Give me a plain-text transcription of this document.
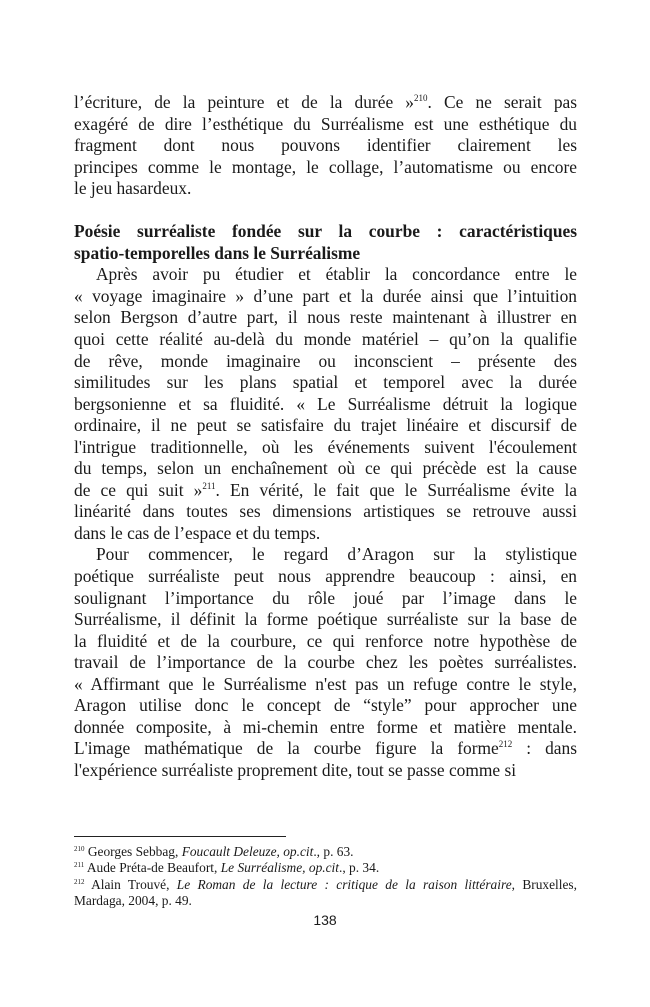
l’écriture, de la peinture et de la durée »$^{210}$. Ce ne serait pas
exagéré de dire l’esthétique du Surréalisme est une esthétique du
fragment dont nous pouvons identifier clairement les
principes comme le montage, le collage, l’automatisme ou encore
le jeu hasardeux.
Poésie surréaliste fondée sur la courbe : caractéristiques
spatio-temporelles dans le Surréalisme
Après avoir pu étudier et établir la concordance entre le
« voyage imaginaire » d’une part et la durée ainsi que l’intuition
selon Bergson d’autre part, il nous reste maintenant à illustrer en
quoi cette réalité au-delà du monde matériel – qu’on la qualifie
de rêve, monde imaginaire ou inconscient – présente des
similitudes sur les plans spatial et temporel avec la durée
bergsonienne et sa fluidité. « Le Surréalisme détruit la logique
ordinaire, il ne peut se satisfaire du trajet linéaire et discursif de
l'intrigue traditionnelle, où les événements suivent l'écoulement
du temps, selon un enchaînement où ce qui précède est la cause
de ce qui suit »$^{211}$. En vérité, le fait que le Surréalisme évite la
linéarité dans toutes ses dimensions artistiques se retrouve aussi
dans le cas de l’espace et du temps.
Pour commencer, le regard d’Aragon sur la stylistique
poétique surréaliste peut nous apprendre beaucoup : ainsi, en
soulignant l’importance du rôle joué par l’image dans le
Surréalisme, il définit la forme poétique surréaliste sur la base de
la fluidité et de la courbure, ce qui renforce notre hypothèse de
travail de l’importance de la courbe chez les poètes surréalistes.
« Affirmant que le Surréalisme n'est pas un refuge contre le style,
Aragon utilise donc le concept de “style” pour approcher une
donnée composite, à mi-chemin entre forme et matière mentale.
L'image mathématique de la courbe figure la forme$^{212}$ : dans
l'expérience surréaliste proprement dite, tout se passe comme si
$^{210}$ Georges Sebbag, Foucault Deleuze, op.cit., p. 63.
$^{211}$ Aude Préta-de Beaufort, Le Surréalisme, op.cit., p. 34.
$^{212}$ Alain Trouvé, Le Roman de la lecture : critique de la raison littéraire, Bruxelles,
Mardaga, 2004, p. 49.
138
